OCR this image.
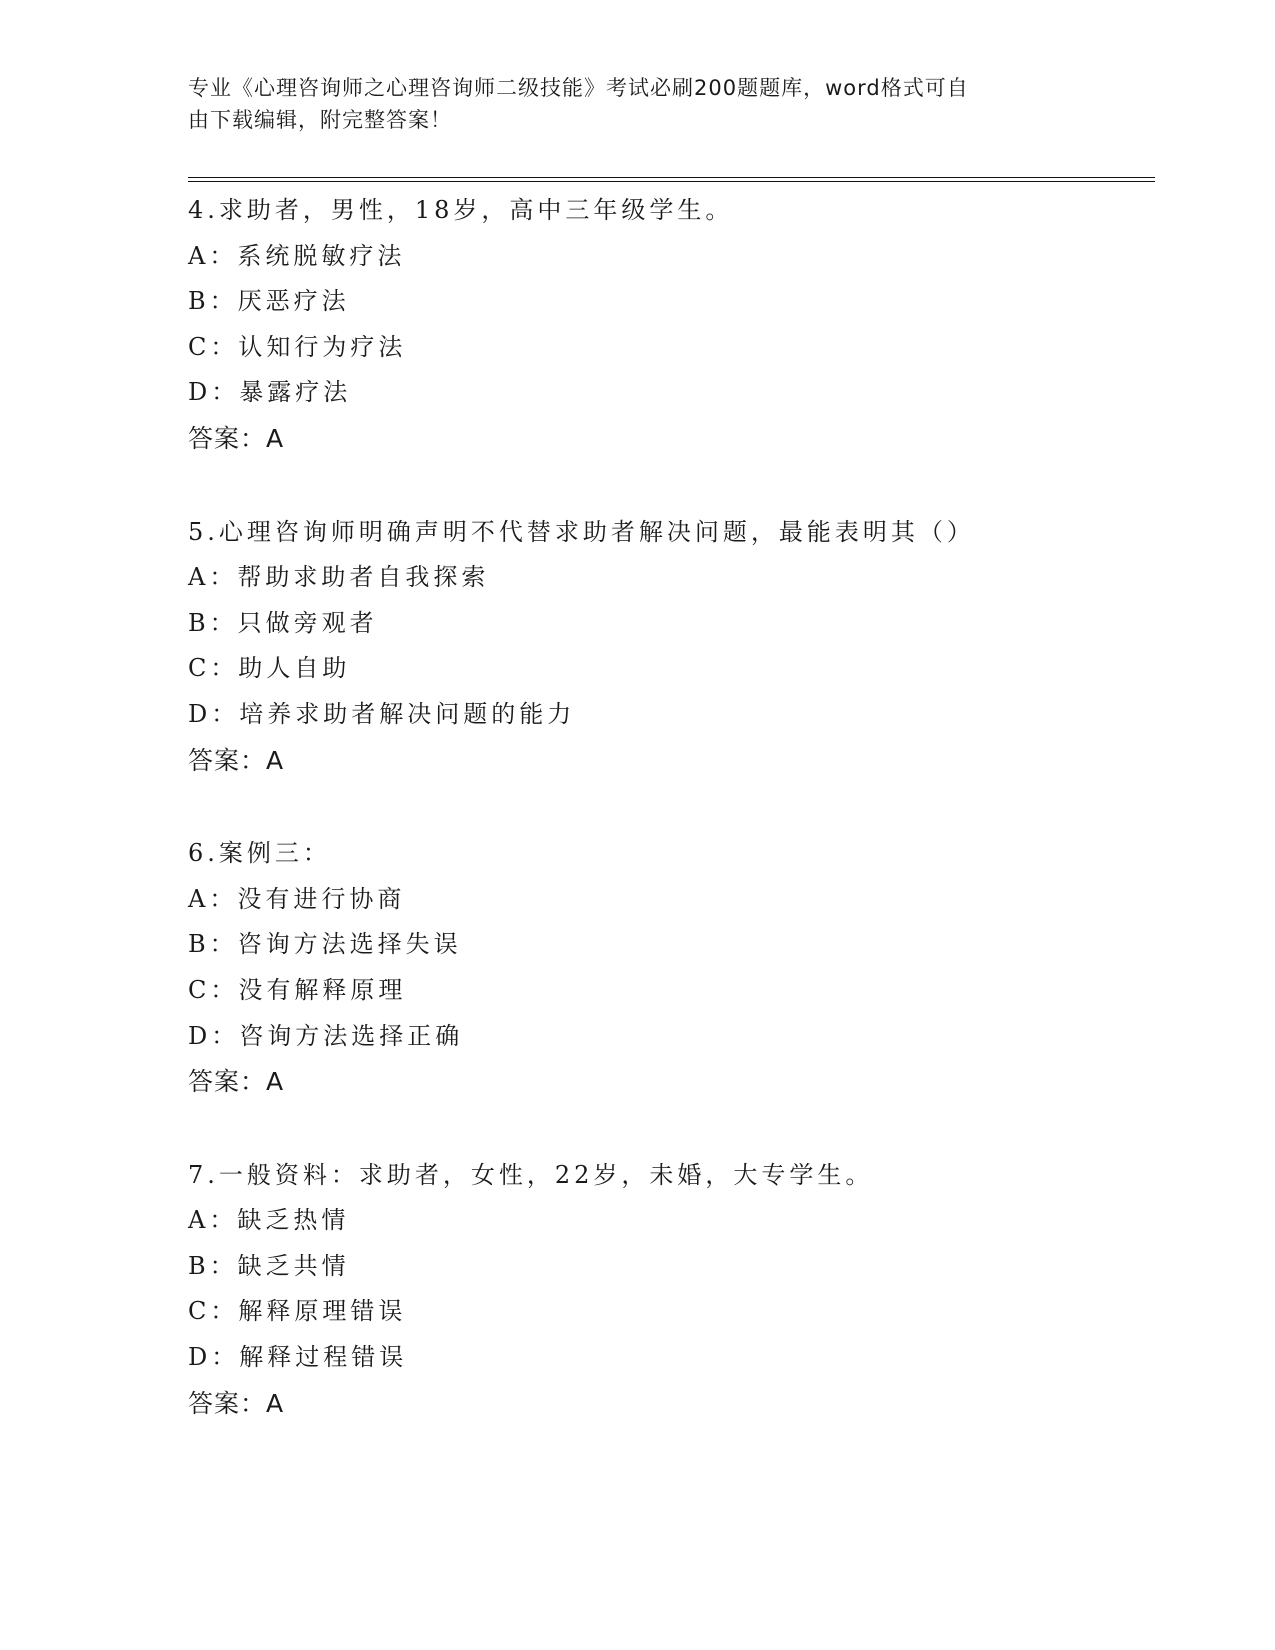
专业《心理咨询师之心理咨询师二级技能》考试必刷200题题库，word格式可自
由下载编辑，附完整答案！
4.求助者，男性，18岁，高中三年级学生。
A：系统脱敏疗法
B：厌恶疗法
C：认知行为疗法
D：暴露疗法
答案：A
5.心理咨询师明确声明不代替求助者解决问题，最能表明其（）
A：帮助求助者自我探索
B：只做旁观者
C：助人自助
D：培养求助者解决问题的能力
答案：A
6.案例三：
A：没有进行协商
B：咨询方法选择失误
C：没有解释原理
D：咨询方法选择正确
答案：A
7.一般资料：求助者，女性，22岁，未婚，大专学生。
A：缺乏热情
B：缺乏共情
C：解释原理错误
D：解释过程错误
答案：A
